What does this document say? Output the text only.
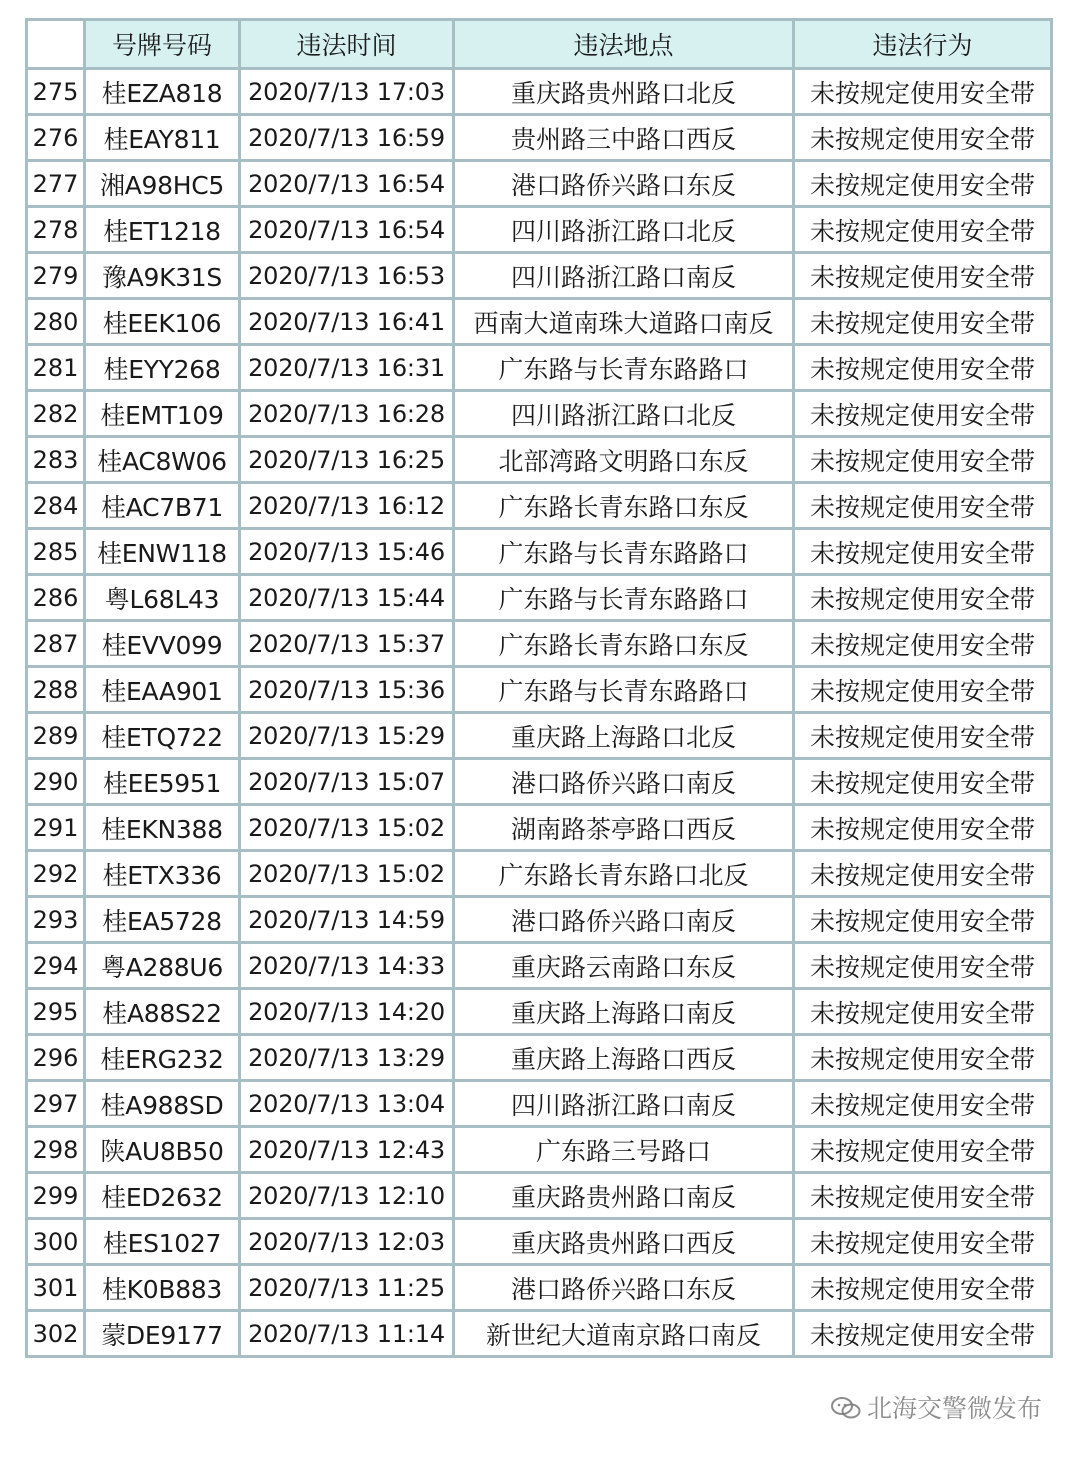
	号牌号码	违法时间	违法地点	违法行为
275	桂EZA818	2020/7/13 17:03	重庆路贵州路口北反	未按规定使用安全带
276	桂EAY811	2020/7/13 16:59	贵州路三中路口西反	未按规定使用安全带
277	湘A98HC5	2020/7/13 16:54	港口路侨兴路口东反	未按规定使用安全带
278	桂ET1218	2020/7/13 16:54	四川路浙江路口北反	未按规定使用安全带
279	豫A9K31S	2020/7/13 16:53	四川路浙江路口南反	未按规定使用安全带
280	桂EEK106	2020/7/13 16:41	西南大道南珠大道路口南反	未按规定使用安全带
281	桂EYY268	2020/7/13 16:31	广东路与长青东路路口	未按规定使用安全带
282	桂EMT109	2020/7/13 16:28	四川路浙江路口北反	未按规定使用安全带
283	桂AC8W06	2020/7/13 16:25	北部湾路文明路口东反	未按规定使用安全带
284	桂AC7B71	2020/7/13 16:12	广东路长青东路口东反	未按规定使用安全带
285	桂ENW118	2020/7/13 15:46	广东路与长青东路路口	未按规定使用安全带
286	粤L68L43	2020/7/13 15:44	广东路与长青东路路口	未按规定使用安全带
287	桂EVV099	2020/7/13 15:37	广东路长青东路口东反	未按规定使用安全带
288	桂EAA901	2020/7/13 15:36	广东路与长青东路路口	未按规定使用安全带
289	桂ETQ722	2020/7/13 15:29	重庆路上海路口北反	未按规定使用安全带
290	桂EE5951	2020/7/13 15:07	港口路侨兴路口南反	未按规定使用安全带
291	桂EKN388	2020/7/13 15:02	湖南路茶亭路口西反	未按规定使用安全带
292	桂ETX336	2020/7/13 15:02	广东路长青东路口北反	未按规定使用安全带
293	桂EA5728	2020/7/13 14:59	港口路侨兴路口南反	未按规定使用安全带
294	粤A288U6	2020/7/13 14:33	重庆路云南路口东反	未按规定使用安全带
295	桂A88S22	2020/7/13 14:20	重庆路上海路口南反	未按规定使用安全带
296	桂ERG232	2020/7/13 13:29	重庆路上海路口西反	未按规定使用安全带
297	桂A988SD	2020/7/13 13:04	四川路浙江路口南反	未按规定使用安全带
298	陕AU8B50	2020/7/13 12:43	广东路三号路口	未按规定使用安全带
299	桂ED2632	2020/7/13 12:10	重庆路贵州路口南反	未按规定使用安全带
300	桂ES1027	2020/7/13 12:03	重庆路贵州路口西反	未按规定使用安全带
301	桂K0B883	2020/7/13 11:25	港口路侨兴路口东反	未按规定使用安全带
302	蒙DE9177	2020/7/13 11:14	新世纪大道南京路口南反	未按规定使用安全带
北海交警微发布
